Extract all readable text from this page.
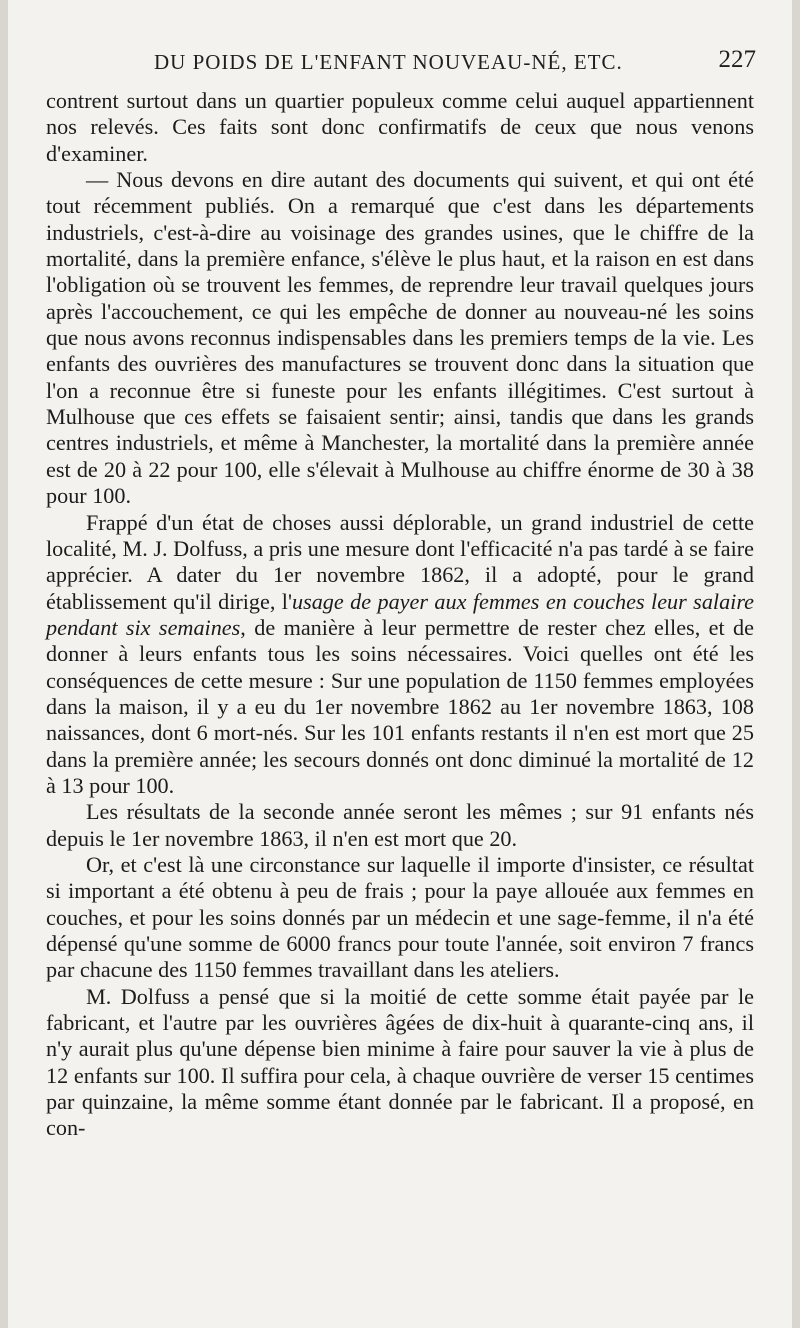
DU POIDS DE L'ENFANT NOUVEAU-NÉ, ETC.	227

contrent surtout dans un quartier populeux comme celui auquel appartiennent nos relevés. Ces faits sont donc confirmatifs de ceux que nous venons d'examiner.

— Nous devons en dire autant des documents qui suivent, et qui ont été tout récemment publiés. On a remarqué que c'est dans les départements industriels, c'est-à-dire au voisinage des grandes usines, que le chiffre de la mortalité, dans la première enfance, s'élève le plus haut, et la raison en est dans l'obligation où se trouvent les femmes, de reprendre leur travail quelques jours après l'accouchement, ce qui les empêche de donner au nouveau-né les soins que nous avons reconnus indispensables dans les premiers temps de la vie. Les enfants des ouvrières des manufactures se trouvent donc dans la situation que l'on a reconnue être si funeste pour les enfants illégitimes. C'est surtout à Mulhouse que ces effets se faisaient sentir; ainsi, tandis que dans les grands centres industriels, et même à Manchester, la mortalité dans la première année est de 20 à 22 pour 100, elle s'élevait à Mulhouse au chiffre énorme de 30 à 38 pour 100.

Frappé d'un état de choses aussi déplorable, un grand industriel de cette localité, M. J. Dolfuss, a pris une mesure dont l'efficacité n'a pas tardé à se faire apprécier. A dater du 1er novembre 1862, il a adopté, pour le grand établissement qu'il dirige, l'usage de payer aux femmes en couches leur salaire pendant six semaines, de manière à leur permettre de rester chez elles, et de donner à leurs enfants tous les soins nécessaires. Voici quelles ont été les conséquences de cette mesure : Sur une population de 1150 femmes employées dans la maison, il y a eu du 1er novembre 1862 au 1er novembre 1863, 108 naissances, dont 6 mort-nés. Sur les 101 enfants restants il n'en est mort que 25 dans la première année; les secours donnés ont donc diminué la mortalité de 12 à 13 pour 100.

Les résultats de la seconde année seront les mêmes ; sur 91 enfants nés depuis le 1er novembre 1863, il n'en est mort que 20.

Or, et c'est là une circonstance sur laquelle il importe d'insister, ce résultat si important a été obtenu à peu de frais ; pour la paye allouée aux femmes en couches, et pour les soins donnés par un médecin et une sage-femme, il n'a été dépensé qu'une somme de 6000 francs pour toute l'année, soit environ 7 francs par chacune des 1150 femmes travaillant dans les ateliers.

M. Dolfuss a pensé que si la moitié de cette somme était payée par le fabricant, et l'autre par les ouvrières âgées de dix-huit à quarante-cinq ans, il n'y aurait plus qu'une dépense bien minime à faire pour sauver la vie à plus de 12 enfants sur 100. Il suffira pour cela, à chaque ouvrière de verser 15 centimes par quinzaine, la même somme étant donnée par le fabricant. Il a proposé, en con-
